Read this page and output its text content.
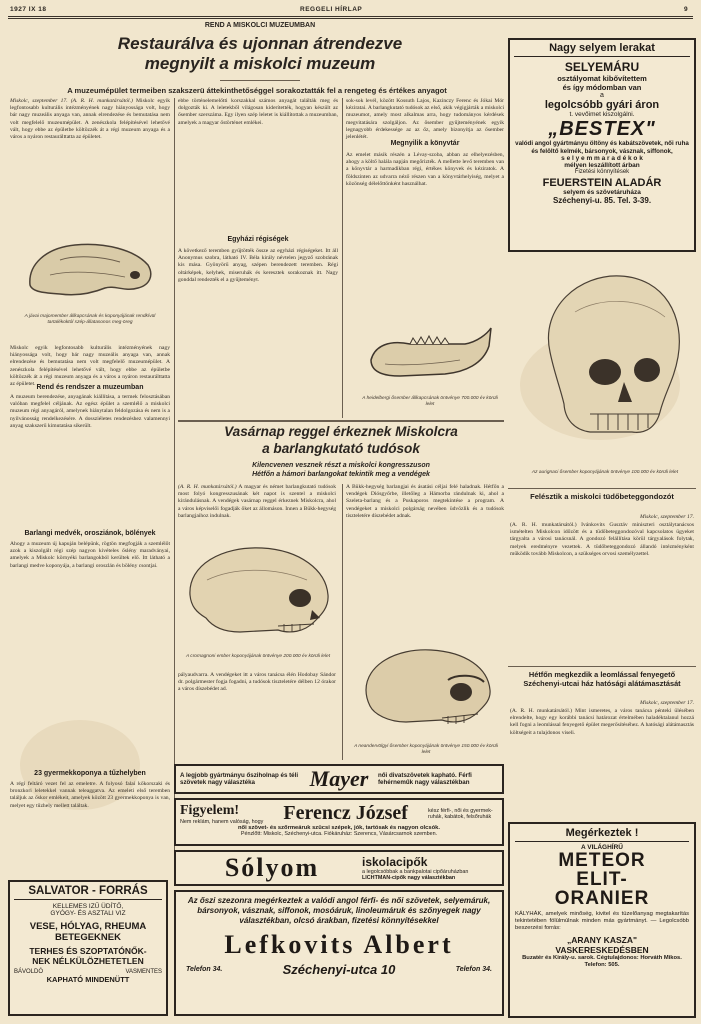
1927 IX 18	REGGELI HÍRLAP	9
REND A MISKOLCI MUZEUMBAN
Restaurálva és ujonnan átrendezve
megnyilt a miskolci muzeum
A muzeumépület termeiben szakszerü áttekinthetőséggel sorakoztatták fel a rengeteg és értékes anyagot
Miskolc, szeptember 17. (A. R. H. munkatársától.) Miskolc egyik legfontosabb kulturális intézményének nagy hiányossága volt, hogy bár nagy muzeális anyaga van, annak elrendezése és bemutatása nem volt megfelelő muzeumépület. A zenészkola felépítésével lehetővé vált, hogy ebbe az épületbe költözzék át a régi muzeum anyaga és a város a nyáron restaurálttatta az épületet.
A jávai majomember állkapcsának és koponyájának rendkívül tartalékoktól szép-állatasonos meg-öreg
Miskolc egyik legfontosabb kulturális intézményének nagy hiányossága volt, hogy bár nagy muzeális anyaga van, annak elrendezése és bemutatása nem volt megfelelő muzeumépület. A zenészkola felépítésével lehetővé vált, hogy ebbe az épületbe költözzék át a régi muzeum anyaga és a város a nyáron restaurálttatta az épületet. Rend és rendszer a muzeumban
A muzeum berendezése, anyagának kiállítása, a termek felosztásában valóban megfelel céljának. Az egész épület a szemlélő a miskolci muzeum régi anyagáról, amelynek hiánytalan feldolgozása és nem is a nyilvánosság rendelkezésére. A dossziéletes rendezéshez valamennyi anyag szakszerű kimutatása sikerült.
Barlangi medvék, orosziánok, bölények
Ahogy a muzeum új kapuján belépünk, rögtön megfogják a szemlélőt azok a kiszolgált régi szép nagyon kivételes őslény maradványai, amelyek a Miskolc környéki barlangokból kerültek elő. Itt látható a barlangi medve koponyája, a barlangi oroszlán és bölény csontjai.
23 gyermekkoponya a tűzhelyben
A régi feltáró vezet fel az emeletre. A folyosó falai kőkorszaki és bronzkori leletekkel vannak teleaggatva. Az emeleti első teremben találjuk az őskor emlékeit, amelyek között 23 gyermekkoponya is van, melyet egy tűzhely mellett találtak.
ebbe történelemelőtti korszakkal számos anyagát találták meg és dolgozták ki. A leletekből világosan kiderítették, hogyan készült az ősember szerszáma. Egy ilyen szép leletet is kiállítottak a muzeumban, amelyek a magyar őstörténet emlékei.
Egyházi régiségek
A következő teremben gyűjtötték össze az egyházi régiségeket. Itt áll Anonymus szobra, látható IV. Béla király névtelen jegyző szobrának kis mása. Gyönyörű anyag, szépen berendezett teremben. Régi oltárképek, kelyhek, miseruhák és keresztek sorakoznak itt. Nagy gonddal rendezték el a gyűjteményt.
sok-sok levél, között Kossuth Lajos, Kazinczy Ferenc és Jókai Mór kéziratai. A barlangkutató tudósok az első, akik végigjárták a miskolci muzeumot, amely most alkalmas arra, hogy tudományos kérdések megvitatására szolgáljon. Az ősember gyűjteményének egyik legnagyobb érdekessége az az őz, amely bizonyítja az ősember jelenlétét.
Megnyilik a könyvtár
Az emelet másik részén a Lévay-szoba, abban az elhelyezésben, ahogy a költő halála napján megőrizték. A mellette levő teremben van a könyvtár a harmadikban régi, értékes könyvek és kéziratok. A földszinten az udvarra néző részen van a könyvtárhelyiség, melyet a közönség délelőttönként használhat.
A heidelbergi ősember állkapcsának öntvénye 700.000 év körüli lelet
Nagy selyem lerakat
SELYEMÁRU
osztályomat kibővítettem
és így módomban van
a
legolcsóbb gyári áron
t. vevőimet kiszolgálni.
„BESTEX"
valódi angol gyártmányu öltöny és kabátszövetek, női ruha és felöltő kelmék, bársonyok, vásznak, siffonok,
s e l y e m m a r a d é k o k
mélyen leszállított árban
Fizetési könnyítések
FEUERSTEIN ALADÁR
selyem és szövetáruháza
Széchenyi-u. 85. Tel. 3-39.
Az aurignaci ősember koponyájának öntvénye 100.000 év körüli lelet
Felésztik a miskolci tüdőbeteggondozót
Miskolc, szeptember 17.
(A. R. H. munkatársától.) Ivánkovits Gusztáv miniszteri osztálytanácsos ismételten Miskolcon időzött és a tüdőbeteggondozóval kapcsolatos ügyeket tárgyalta a városi tanácsnál. A gondozó felállítása körül tárgyalások folytak, melyek eredményre vezettek. A tüdőbeteggondozó állandó intézményként működik tovább Miskolcon, a szükséges orvosi személyzettel.
Hétfőn megkezdik a leomlással fenyegető Széchenyi-utcai ház hatósági alátámasztását
Miskolc, szeptember 17.
(A. R. H. munkatársától.) Mint ismeretes, a város tanácsa pénteki ülésében elrendelte, hogy egy korábbi tanácsi határozat értelmében haladéktalanul hozzá kell fogni a leomlással fenyegető épület megerősítéséhez. A hatósági alátámasztás költségeit a tulajdonos viseli.
Megérkeztek !
A VILÁGHÍRŰ
METEOR
ELIT-
ORANIER
KÁLYHÁK, amelyek minőség, kivitel és tüzelőanyag megtakarítás tekintetében fölülmúlnak minden más gyártmányt. — Legolcsóbb beszerzési forrás:
„ARANY KASZA"
VASKERESKEDÉSBEN
Buzatér és Király-u. sarok. Cégtulajdonos: Horváth Mikos. Telefon: 505.
Vasárnap reggel érkeznek Miskolcra
a barlangkutató tudósok
Kilencvenen vesznek részt a miskolci kongresszuson
Hétfőn a hámori barlangokat tekintik meg a vendégek
(A. R. H. munkatársától.) A magyar és német barlangkutató tudósok most folyó kongresszusának két napot is szentel a miskolci kirándulásnak. A vendégek vasárnap reggel érkeznek Miskolcra, ahol a város képviselői fogadják őket az állomáson. Innen a Bükk-hegység barlangjaihoz indulnak.
A Bükk-hegység barlangjai és ásatási céljai felé haladnak. Hétfőn a vendégek Diósgyőrbe, illetőleg a Hámorba rándulnak ki, ahol a Szeleta-barlang és a Puskaporos megtekintése a program. A vendégeket a miskolci polgárság nevében üdvözlik és a tudósok tiszteletére díszebédet adnak.
A cromagnoni ember koponyájának öntvénye 200.000 év körüli lelet
pályaudvarra. A vendégeket itt a város tanácsa élén Hodobay Sándor dr. polgármester fogja fogadni, a tudósok tiszteletére délben 12 órakor a város díszebédet ad.
A neandervölgyi ősember koponyájának öntvénye 150.000 év körüli lelet
SALVATOR - FORRÁS
KELLEMES IZŰ ÜDÍTŐ,
GYÓGY- ÉS ASZTALI VIZ
VESE, HÓLYAG, RHEUMA
BETEGEKNEK
TERHES ÉS SZOPTATÓNŐK-
NEK NÉLKÜLÖZHETETLEN
BÁVOLDÓ	VASMENTES
KAPHATÓ MINDENÜTT
A legjobb gyártmányu ősziholnap és téli szövetek nagy választéka	Mayer női divatszövetek kapható. Férfi fehérneműk nagy választékban
Figyelem!
Nem reklám, hanem valóság, hogy Ferencz József	kész férfi-, női és gyermek-ruhák, kabátok, felsőruhák
női szövet- és szőrmeáruk szücsi szépek, jók, tartósak és nagyon olcsók.
Pénzlőtt: Miskolc, Széchenyi-utca. Fiókáruház: Szerencs, Vásárcsarnok szemben.
Sólyom	iskolacipők
a legolcsóbbak a bankpalotai cipőáruházban
LICHTMAN-cipők nagy választékban
Az őszi szezonra megérkeztek a valódi angol férfi- és női szövetek, selyemáruk, bársonyok, vásznak, siffonok, mosóáruk, linoleumáruk és szőnyegek nagy választékban, olcsó árakban, fizetési könnyítésekkel
Lefkovits Albert
Telefon 34.	Széchenyi-utca 10	Telefon 34.
